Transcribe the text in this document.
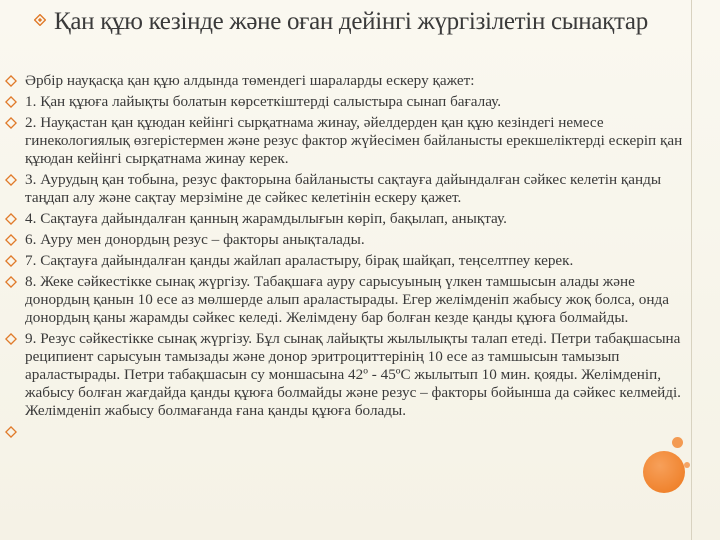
Қан құю кезінде және оған дейінгі жүргізілетін сынақтар
Әрбір науқасқа қан құю алдында төмендегі шараларды ескеру қажет:
1. Қан құюға лайықты болатын көрсеткіштерді салыстыра сынап бағалау.
2. Науқастан қан құюдан кейінгі сырқатнама жинау, әйелдерден қан құю кезіндегі немесе гинекологиялық өзгерістермен және резус фактор жүйесімен байланысты ерекшеліктерді ескеріп қан құюдан кейінгі сырқатнама жинау керек.
3. Аурудың қан тобына, резус факторына байланысты сақтауға дайындалған сәйкес келетін қанды таңдап алу және сақтау мерзіміне де сәйкес келетінін ескеру қажет.
4. Сақтауға дайындалған қанның жарамдылығын көріп, бақылап, анықтау.
6. Ауру мен донордың резус – факторы анықталады.
7. Сақтауға дайындалған қанды жайлап араластыру, бірақ шайқап, теңселтпеу керек.
8. Жеке сәйкестікке сынақ жүргізу. Табақшаға ауру сарысуының үлкен тамшысын алады және донордың қанын 10 есе аз мөлшерде алып араластырады. Егер желімденіп жабысу жоқ болса, онда донордың қаны жарамды сәйкес келеді. Желімдену бар болған кезде қанды құюға болмайды.
9. Резус сәйкестікке сынақ жүргізу. Бұл сынақ лайықты жылылықты талап етеді. Петри табақшасына реципиент сарысуын тамызады және донор эритроциттерінің 10 есе аз тамшысын тамызып араластырады. Петри табақшасын су моншасына 42º - 45ºC жылытып 10 мин. қояды. Желімденіп, жабысу болған жағдайда қанды құюға болмайды және резус – факторы бойынша да сәйкес келмейді. Желімденіп жабысу болмағанда ғана қанды құюға болады.
